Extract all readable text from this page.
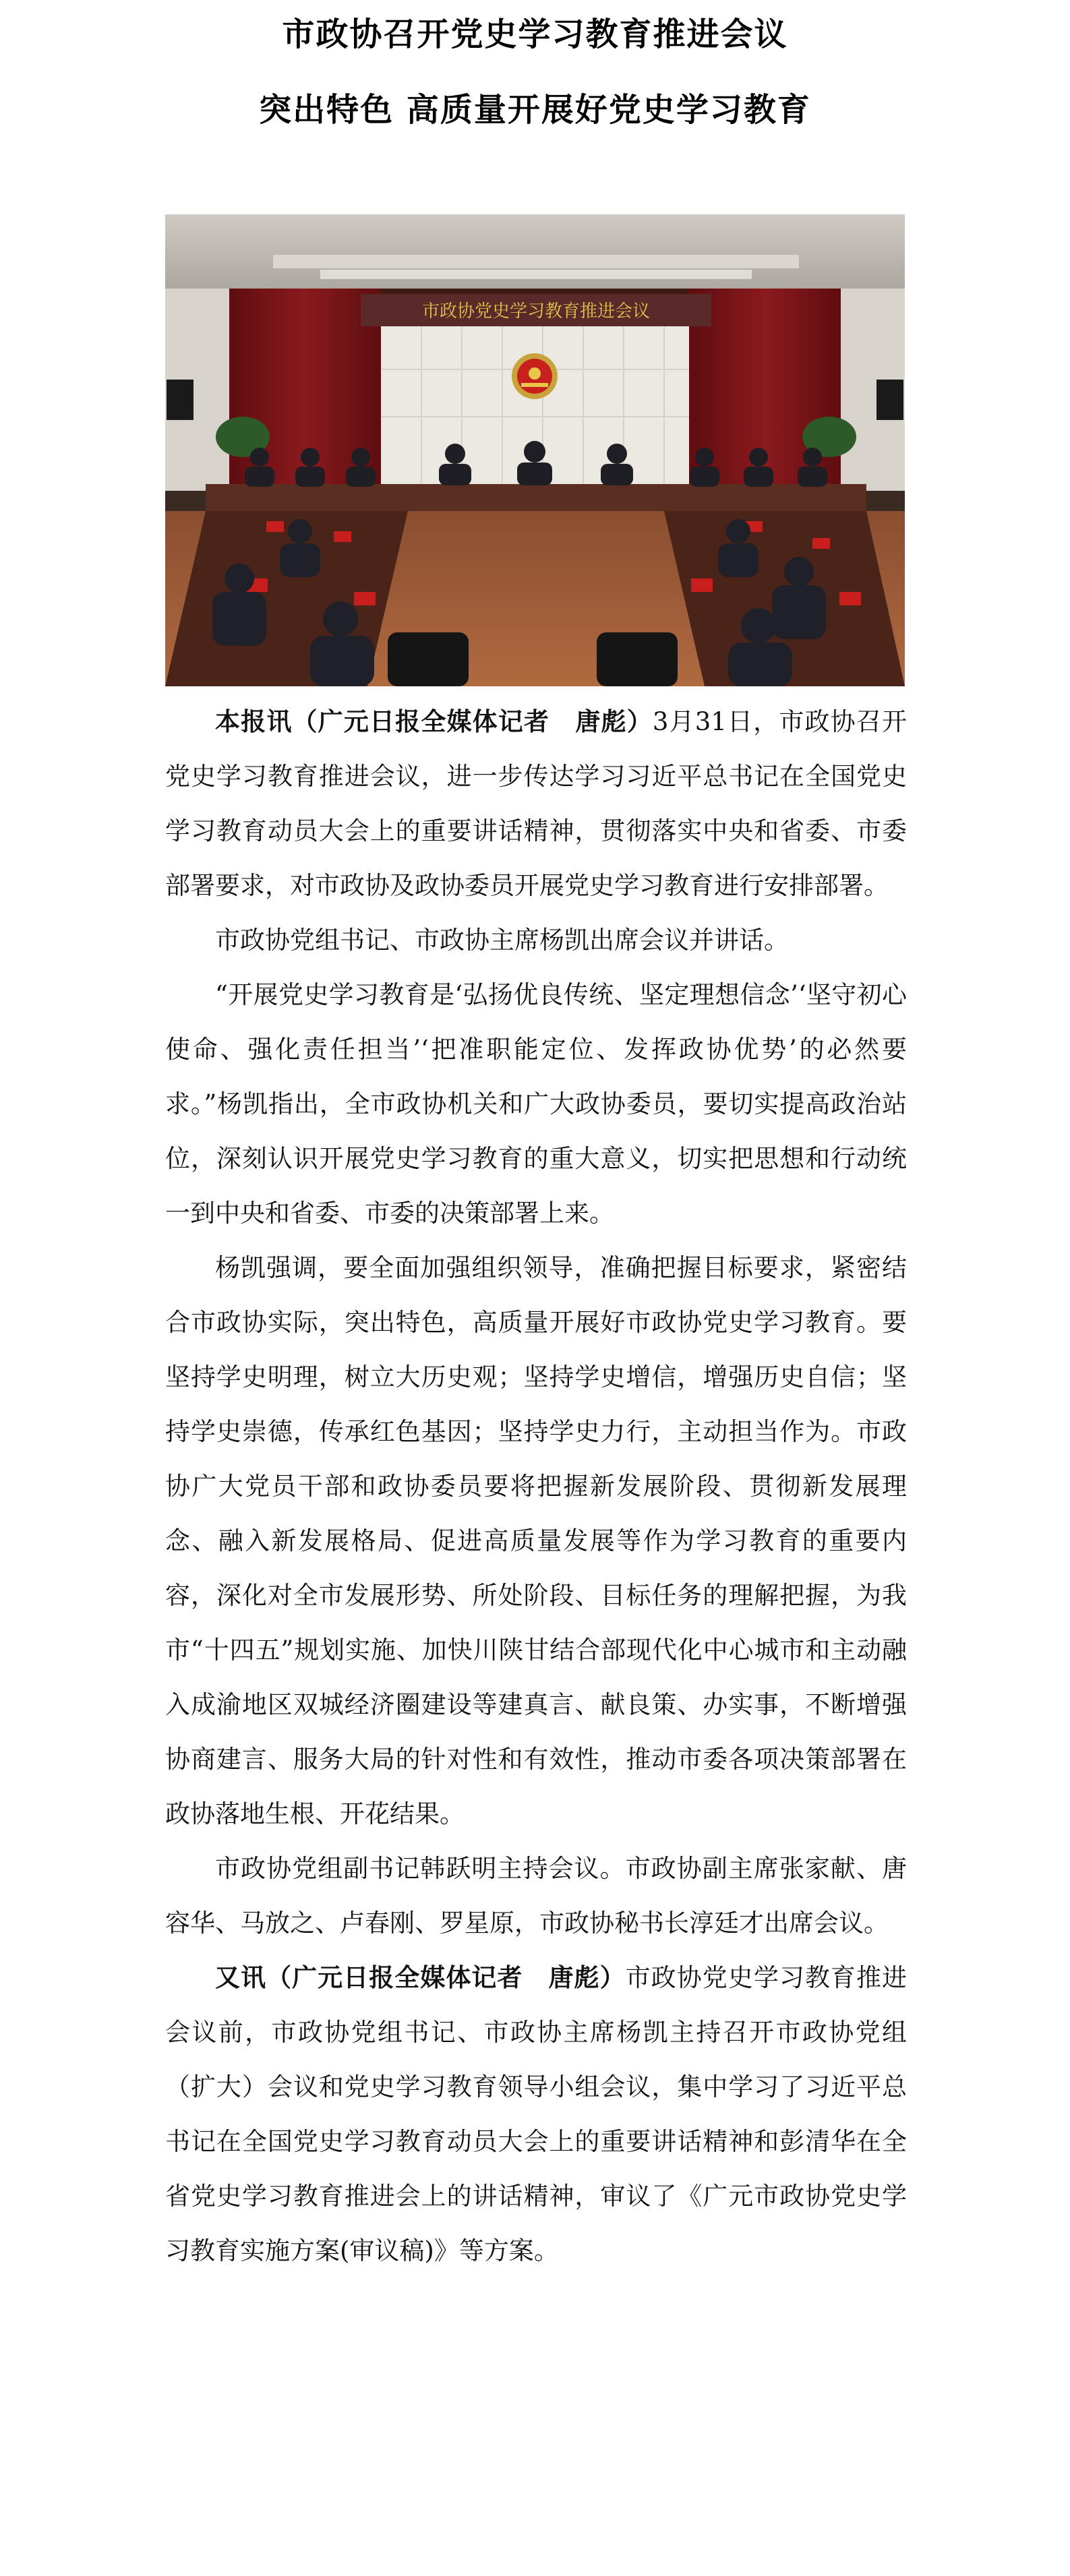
市政协召开党史学习教育推进会议
突出特色 高质量开展好党史学习教育
市政协党史学习教育推进会议

本报讯（广元日报全媒体记者　唐彪）3月31日，市政协召开党史学习教育推进会议，进一步传达学习习近平总书记在全国党史学习教育动员大会上的重要讲话精神，贯彻落实中央和省委、市委部署要求，对市政协及政协委员开展党史学习教育进行安排部署。

市政协党组书记、市政协主席杨凯出席会议并讲话。

“开展党史学习教育是‘弘扬优良传统、坚定理想信念’‘坚守初心使命、强化责任担当’‘把准职能定位、发挥政协优势’的必然要求。”杨凯指出，全市政协机关和广大政协委员，要切实提高政治站位，深刻认识开展党史学习教育的重大意义，切实把思想和行动统一到中央和省委、市委的决策部署上来。

杨凯强调，要全面加强组织领导，准确把握目标要求，紧密结合市政协实际，突出特色，高质量开展好市政协党史学习教育。要坚持学史明理，树立大历史观；坚持学史增信，增强历史自信；坚持学史崇德，传承红色基因；坚持学史力行，主动担当作为。市政协广大党员干部和政协委员要将把握新发展阶段、贯彻新发展理念、融入新发展格局、促进高质量发展等作为学习教育的重要内容，深化对全市发展形势、所处阶段、目标任务的理解把握，为我市“十四五”规划实施、加快川陕甘结合部现代化中心城市和主动融入成渝地区双城经济圈建设等建真言、献良策、办实事，不断增强协商建言、服务大局的针对性和有效性，推动市委各项决策部署在政协落地生根、开花结果。

市政协党组副书记韩跃明主持会议。市政协副主席张家献、唐容华、马放之、卢春刚、罗星原，市政协秘书长淳廷才出席会议。

又讯（广元日报全媒体记者　唐彪）市政协党史学习教育推进会议前，市政协党组书记、市政协主席杨凯主持召开市政协党组（扩大）会议和党史学习教育领导小组会议，集中学习了习近平总书记在全国党史学习教育动员大会上的重要讲话精神和彭清华在全省党史学习教育推进会上的讲话精神，审议了《广元市政协党史学习教育实施方案(审议稿)》等方案。
